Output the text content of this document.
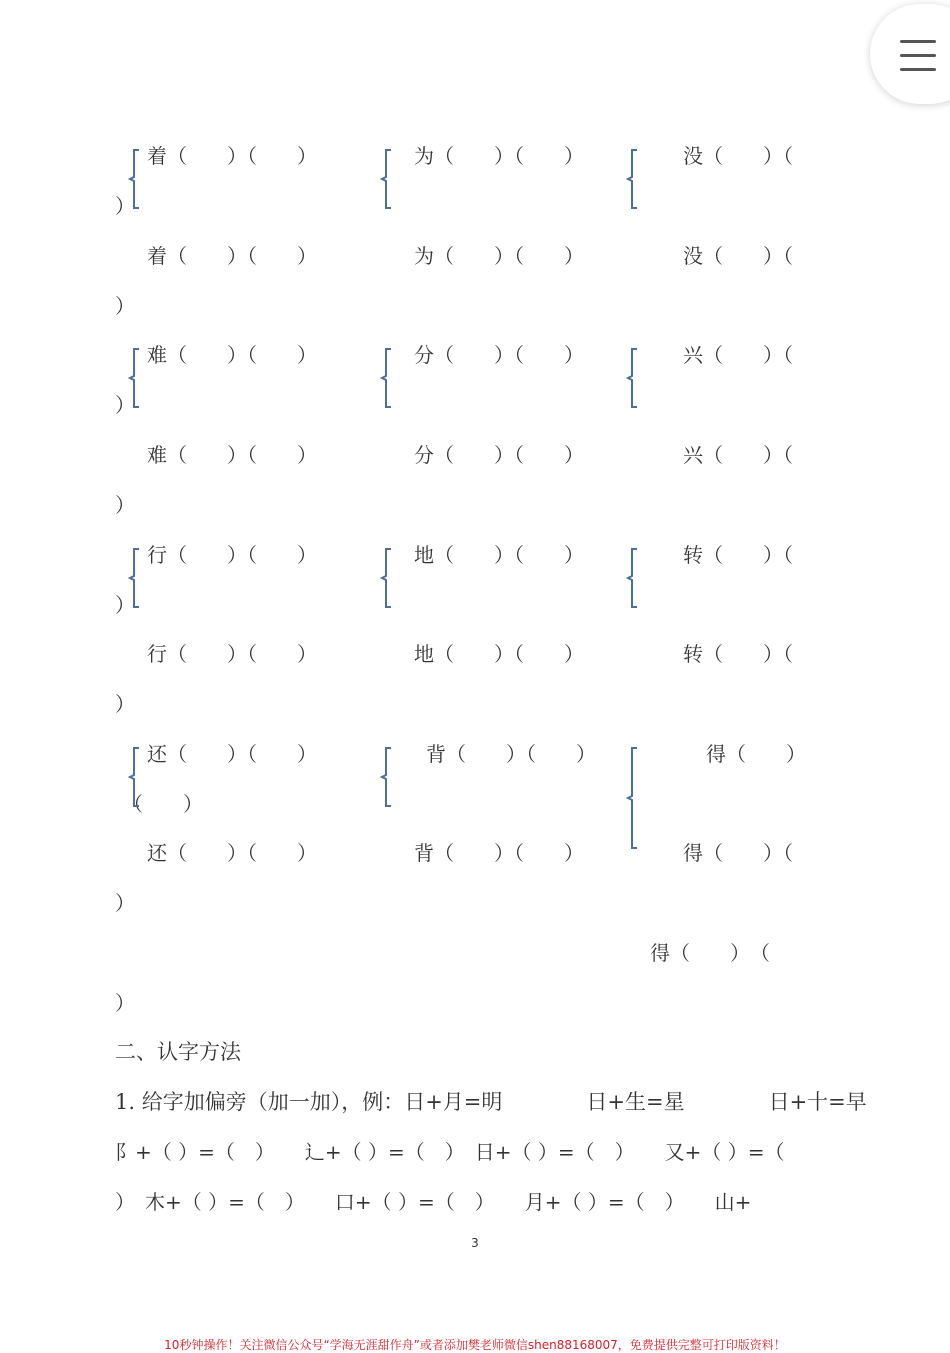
着（　　）（　　）	为（　　）（　　）	没（　　）（
）
着（　　）（　　）	为（　　）（　　）	没（　　）（
）
难（　　）（　　）	分（　　）（　　）	兴（　　）（
）
难（　　）（　　）	分（　　）（　　）	兴（　　）（
）
行（　　）（　　）	地（　　）（　　）	转（　　）（
）
行（　　）（　　）	地（　　）（　　）	转（　　）（
）
还（　　）（　　）	背（　　）（　　）	得（　　）
（　　）
还（　　）（　　）	背（　　）（　　）	得（　　）（
）
得（　　）　（
）
二、认字方法
1. 给字加偏旁（加一加），例：日+月=明　　　　日+生=星　　　　日+十=早
阝+（ ）=（　）　　辶+（ ）=（　）　日+（ ）=（　）　　又+（ ）=（
）　木+（ ）=（　）　　口+（ ）=（　）　　月+（ ）=（　）　　山+
3
10秒钟操作！关注微信公众号“学海无涯甜作舟”或者添加樊老师微信shen88168007，免费提供完整可打印版资料！
